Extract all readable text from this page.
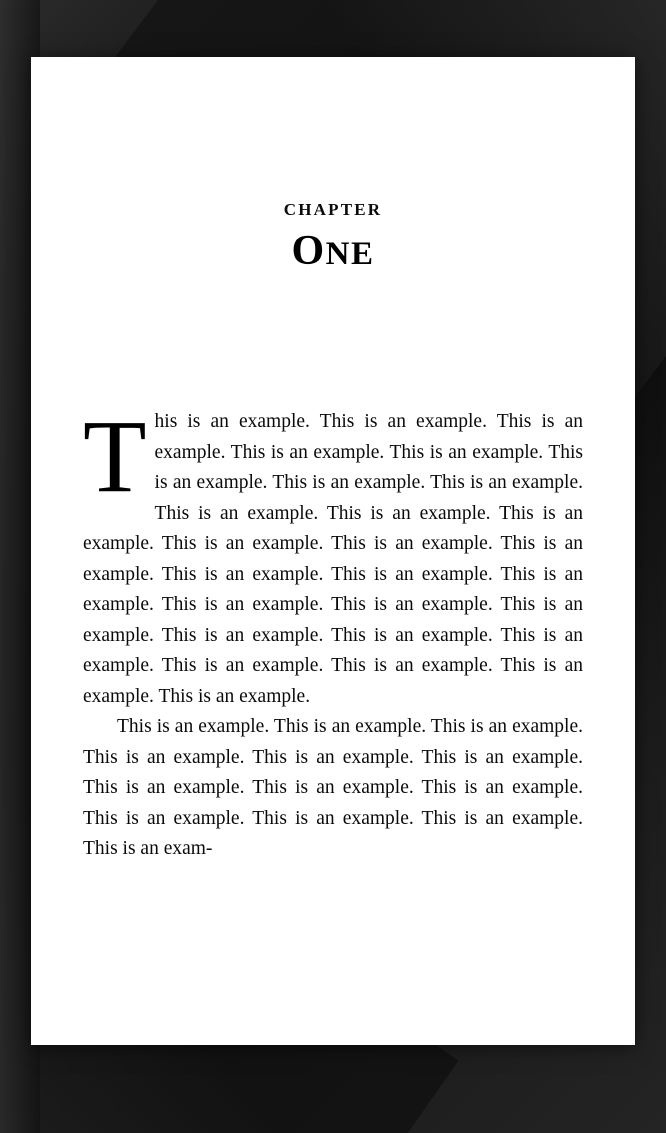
CHAPTER
ONE

This is an example. This is an example. This is an example. This is an example. This is an example. This is an example. This is an example. This is an example. This is an example. This is an example. This is an example. This is an example. This is an example. This is an example. This is an example. This is an example. This is an example. This is an example. This is an example. This is an example. This is an example. This is an example. This is an example. This is an example. This is an example. This is an example. This is an example.

This is an example. This is an example. This is an example. This is an example. This is an example. This is an example. This is an example. This is an example. This is an example. This is an example. This is an example. This is an example. This is an exam-
